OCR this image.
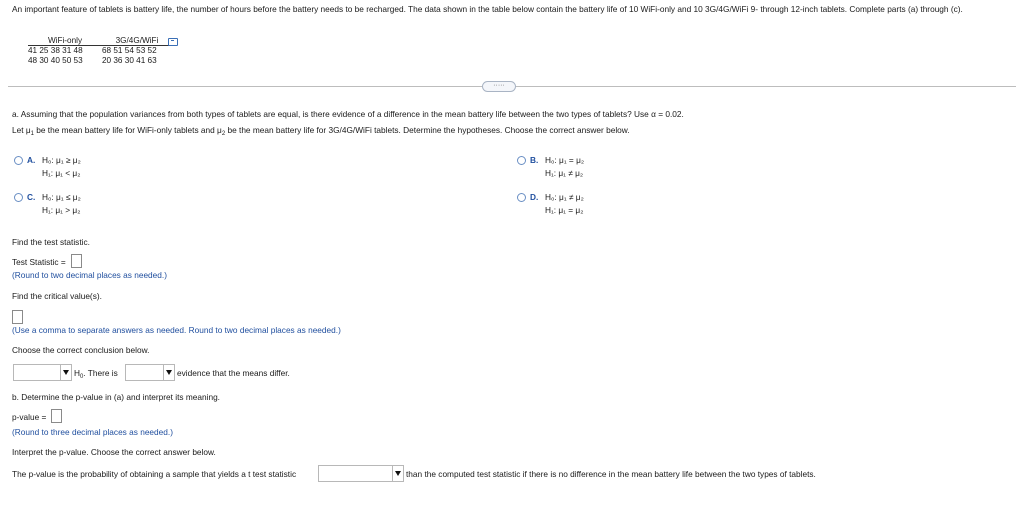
An important feature of tablets is battery life, the number of hours before the battery needs to be recharged. The data shown in the table below contain the battery life of 10 WiFi-only and 10 3G/4G/WiFi 9- through 12-inch tablets. Complete parts (a) through (c).
WiFi-only	3G/4G/WiFi
41 25 38 31 48	68 51 54 53 52
48 30 40 50 53	20 36 30 41 63
·····
a. Assuming that the population variances from both types of tablets are equal, is there evidence of a difference in the mean battery life between the two types of tablets? Use α = 0.02.
Let $\mu_1$ be the mean battery life for WiFi-only tablets and $\mu_2$ be the mean battery life for 3G/4G/WiFi tablets. Determine the hypotheses. Choose the correct answer below.
A. H₀: μ₁ ≥ μ₂
H₁: μ₁ < μ₂
B. H₀: μ₁ = μ₂
H₁: μ₁ ≠ μ₂
C. H₀: μ₁ ≤ μ₂
H₁: μ₁ > μ₂
D. H₀: μ₁ ≠ μ₂
H₁: μ₁ = μ₂
Find the test statistic.
Test Statistic =
(Round to two decimal places as needed.)
Find the critical value(s).
(Use a comma to separate answers as needed. Round to two decimal places as needed.)
Choose the correct conclusion below.
$H_0$. There is	evidence that the means differ.
b. Determine the p-value in (a) and interpret its meaning.
p-value =
(Round to three decimal places as needed.)
Interpret the p-value. Choose the correct answer below.
The p-value is the probability of obtaining a sample that yields a t test statistic	than the computed test statistic if there is no difference in the mean battery life between the two types of tablets.
